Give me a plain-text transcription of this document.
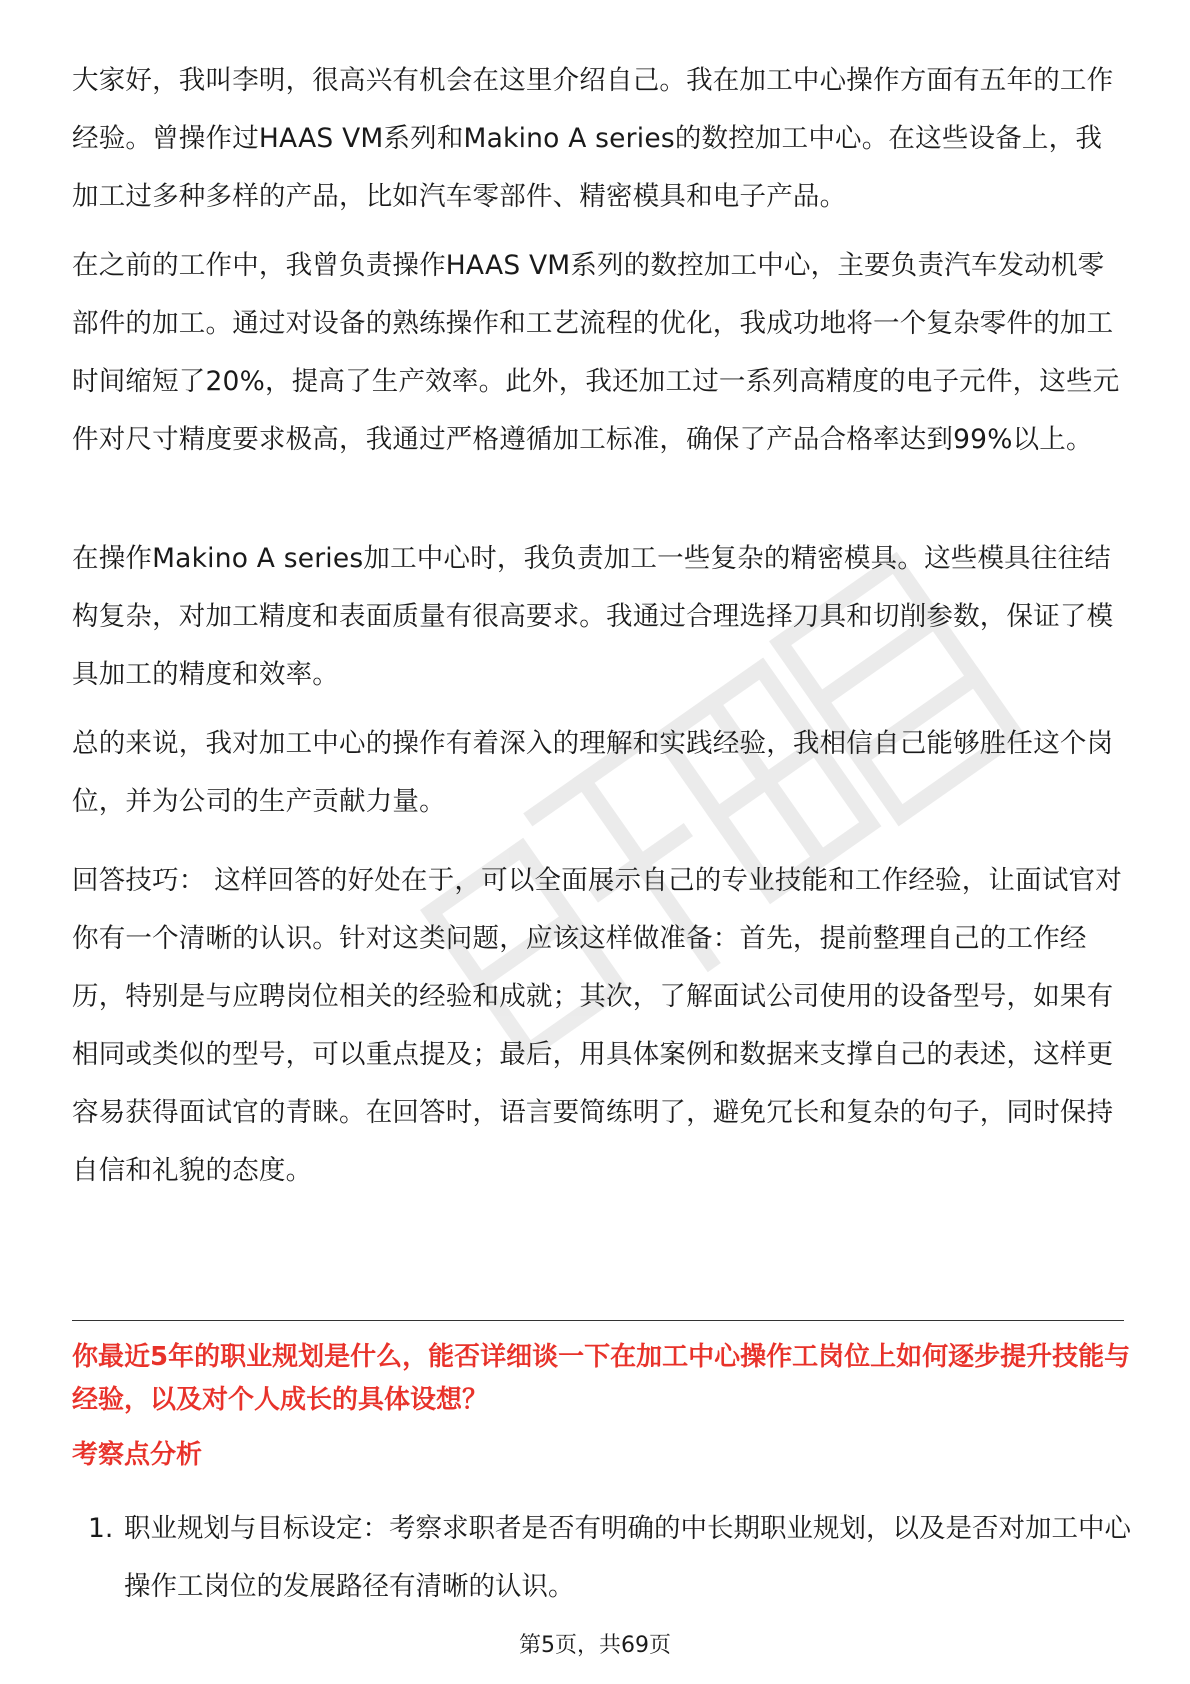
大家好，我叫李明，很高兴有机会在这里介绍自己。我在加工中心操作方面有五年的工作经验。曾操作过HAAS VM系列和Makino A series的数控加工中心。在这些设备上，我加工过多种多样的产品，比如汽车零部件、精密模具和电子产品。

在之前的工作中，我曾负责操作HAAS VM系列的数控加工中心，主要负责汽车发动机零部件的加工。通过对设备的熟练操作和工艺流程的优化，我成功地将一个复杂零件的加工时间缩短了20%，提高了生产效率。此外，我还加工过一系列高精度的电子元件，这些元件对尺寸精度要求极高，我通过严格遵循加工标准，确保了产品合格率达到99%以上。

在操作Makino A series加工中心时，我负责加工一些复杂的精密模具。这些模具往往结构复杂，对加工精度和表面质量有很高要求。我通过合理选择刀具和切削参数，保证了模具加工的精度和效率。

总的来说，我对加工中心的操作有着深入的理解和实践经验，我相信自己能够胜任这个岗位，并为公司的生产贡献力量。

回答技巧： 这样回答的好处在于，可以全面展示自己的专业技能和工作经验，让面试官对你有一个清晰的认识。针对这类问题，应该这样做准备：首先，提前整理自己的工作经历，特别是与应聘岗位相关的经验和成就；其次，了解面试公司使用的设备型号，如果有相同或类似的型号，可以重点提及；最后，用具体案例和数据来支撑自己的表述，这样更容易获得面试官的青睐。在回答时，语言要简练明了，避免冗长和复杂的句子，同时保持自信和礼貌的态度。

你最近5年的职业规划是什么，能否详细谈一下在加工中心操作工岗位上如何逐步提升技能与经验，以及对个人成长的具体设想？

考察点分析

1. 职业规划与目标设定：考察求职者是否有明确的中长期职业规划，以及是否对加工中心操作工岗位的发展路径有清晰的认识。
第5页，共69页
